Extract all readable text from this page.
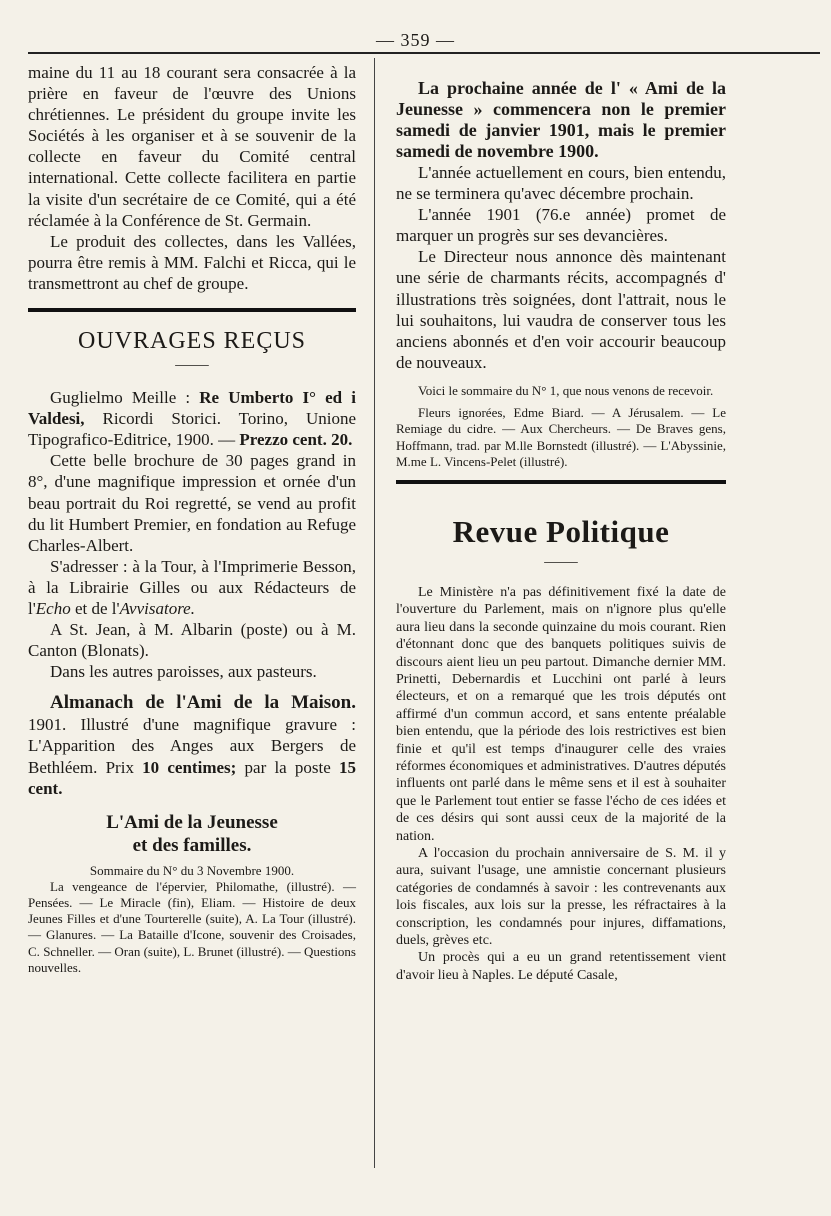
— 359 —

maine du 11 au 18 courant sera consacrée à la prière en faveur de l'œuvre des Unions chrétiennes. Le président du groupe invite les Sociétés à les organiser et à se souvenir de la collecte en faveur du Comité central international. Cette collecte facilitera en partie la visite d'un secrétaire de ce Comité, qui a été réclamée à la Conférence de St. Germain.

Le produit des collectes, dans les Vallées, pourra être remis à MM. Falchi et Ricca, qui le transmettront au chef de groupe.

OUVRAGES REÇUS
⸻

Guglielmo Meille : Re Umberto I° ed i Valdesi, Ricordi Storici. Torino, Unione Tipografico-Editrice, 1900. — Prezzo cent. 20.

Cette belle brochure de 30 pages grand in 8°, d'une magnifique impression et ornée d'un beau portrait du Roi regretté, se vend au profit du lit Humbert Premier, en fondation au Refuge Charles-Albert.

S'adresser : à la Tour, à l'Imprimerie Besson, à la Librairie Gilles ou aux Rédacteurs de l'Echo et de l'Avvisatore.

A St. Jean, à M. Albarin (poste) ou à M. Canton (Blonats).

Dans les autres paroisses, aux pasteurs.

Almanach de l'Ami de la Maison. 1901. Illustré d'une magnifique gravure : L'Apparition des Anges aux Bergers de Bethléem. Prix 10 centimes; par la poste 15 cent.

L'Ami de la Jeunesse
et des familles.
Sommaire du N° du 3 Novembre 1900.

La vengeance de l'épervier, Philomathe, (illustré). — Pensées. — Le Miracle (fin), Eliam. — Histoire de deux Jeunes Filles et d'une Tourterelle (suite), A. La Tour (illustré). — Glanures. — La Bataille d'Icone, souvenir des Croisades, C. Schneller. — Oran (suite), L. Brunet (illustré). — Questions nouvelles.

La prochaine année de l' « Ami de la Jeunesse » commencera non le premier samedi de janvier 1901, mais le premier samedi de novembre 1900.

L'année actuellement en cours, bien entendu, ne se terminera qu'avec décembre prochain.

L'année 1901 (76.e année) promet de marquer un progrès sur ses devancières.

Le Directeur nous annonce dès maintenant une série de charmants récits, accompagnés d' illustrations très soignées, dont l'attrait, nous le lui souhaitons, lui vaudra de conserver tous les anciens abonnés et d'en voir accourir beaucoup de nouveaux.

Voici le sommaire du N° 1, que nous venons de recevoir.

Fleurs ignorées, Edme Biard. — A Jérusalem. — Le Remiage du cidre. — Aux Chercheurs. — De Braves gens, Hoffmann, trad. par M.lle Bornstedt (illustré). — L'Abyssinie, M.me L. Vincens-Pelet (illustré).

Revue Politique
⸻

Le Ministère n'a pas définitivement fixé la date de l'ouverture du Parlement, mais on n'ignore plus qu'elle aura lieu dans la seconde quinzaine du mois courant. Rien d'étonnant donc que des banquets politiques suivis de discours aient lieu un peu partout. Dimanche dernier MM. Prinetti, Debernardis et Lucchini ont parlé à leurs électeurs, et on a remarqué que les trois députés ont affirmé d'un commun accord, et sans entente préalable bien entendu, que la période des lois restrictives est bien finie et qu'il est temps d'inaugurer celle des vraies réformes économiques et administratives. D'autres députés influents ont parlé dans le même sens et il est à souhaiter que le Parlement tout entier se fasse l'écho de ces idées et de ces désirs qui sont aussi ceux de la majorité de la nation.

A l'occasion du prochain anniversaire de S. M. il y aura, suivant l'usage, une amnistie concernant plusieurs catégories de condamnés à savoir : les contrevenants aux lois fiscales, aux lois sur la presse, les réfractaires à la conscription, les condamnés pour injures, diffamations, duels, grèves etc.

Un procès qui a eu un grand retentissement vient d'avoir lieu à Naples. Le député Casale,
